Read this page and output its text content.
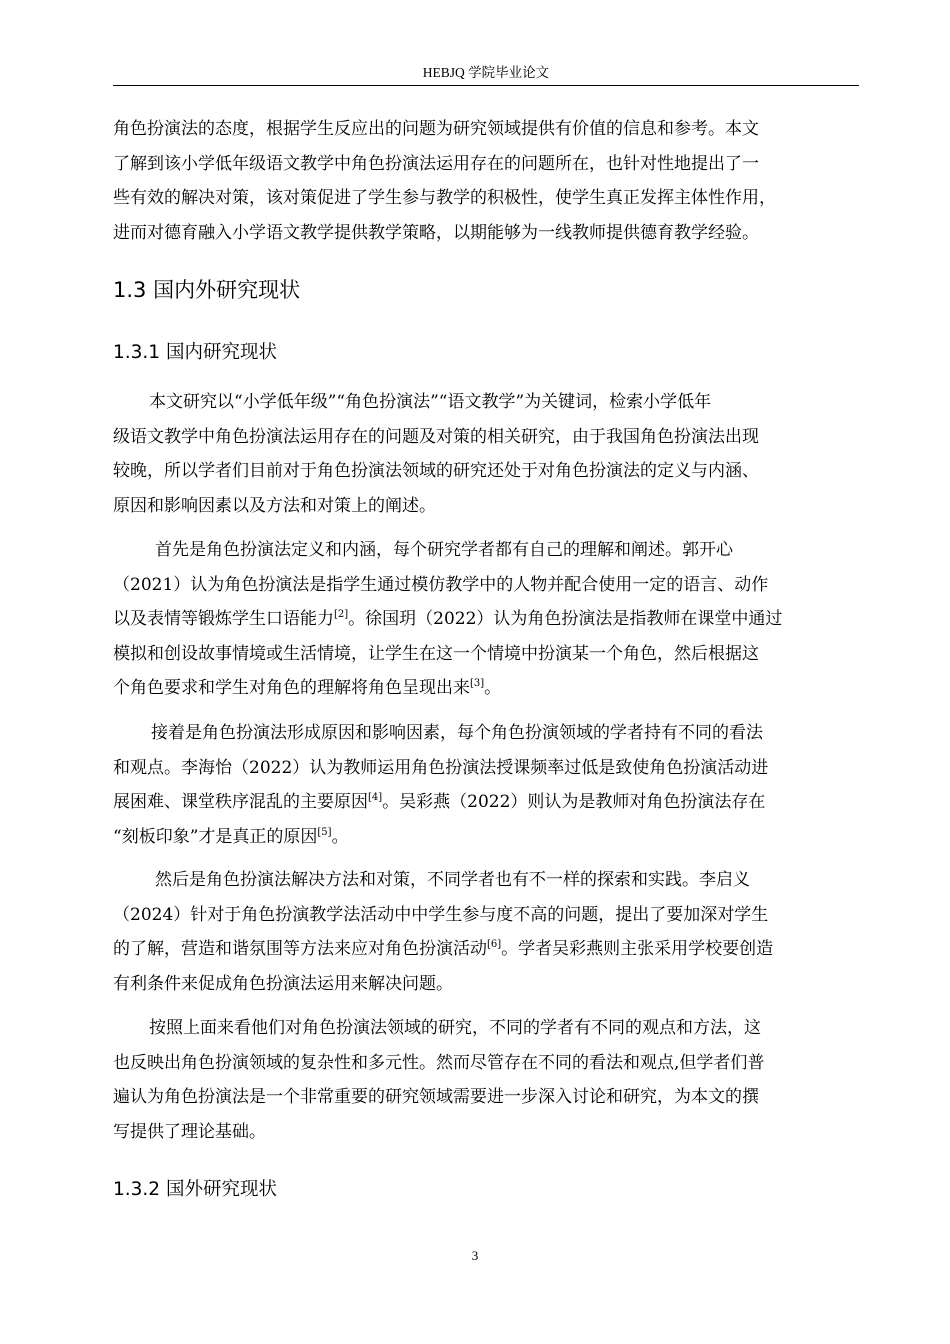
HEBJQ 学院毕业论文
角色扮演法的态度，根据学生反应出的问题为研究领域提供有价值的信息和参考。本文
了解到该小学低年级语文教学中角色扮演法运用存在的问题所在，也针对性地提出了一
些有效的解决对策，该对策促进了学生参与教学的积极性，使学生真正发挥主体性作用，
进而对德育融入小学语文教学提供教学策略，以期能够为一线教师提供德育教学经验。
1.3 国内外研究现状
1.3.1 国内研究现状
本文研究以“小学低年级”“角色扮演法”“语文教学”为关键词，检索小学低年
级语文教学中角色扮演法运用存在的问题及对策的相关研究，由于我国角色扮演法出现
较晚，所以学者们目前对于角色扮演法领域的研究还处于对角色扮演法的定义与内涵、
原因和影响因素以及方法和对策上的阐述。
首先是角色扮演法定义和内涵，每个研究学者都有自己的理解和阐述。郭开心
（2021）认为角色扮演法是指学生通过模仿教学中的人物并配合使用一定的语言、动作
以及表情等锻炼学生口语能力[2]。徐国玥（2022）认为角色扮演法是指教师在课堂中通过
模拟和创设故事情境或生活情境，让学生在这一个情境中扮演某一个角色，然后根据这
个角色要求和学生对角色的理解将角色呈现出来[3]。
接着是角色扮演法形成原因和影响因素，每个角色扮演领域的学者持有不同的看法
和观点。李海怡（2022）认为教师运用角色扮演法授课频率过低是致使角色扮演活动进
展困难、课堂秩序混乱的主要原因[4]。吴彩燕（2022）则认为是教师对角色扮演法存在
“刻板印象”才是真正的原因[5]。
然后是角色扮演法解决方法和对策，不同学者也有不一样的探索和实践。李启义
（2024）针对于角色扮演教学法活动中中学生参与度不高的问题，提出了要加深对学生
的了解，营造和谐氛围等方法来应对角色扮演活动[6]。学者吴彩燕则主张采用学校要创造
有利条件来促成角色扮演法运用来解决问题。
按照上面来看他们对角色扮演法领域的研究，不同的学者有不同的观点和方法，这
也反映出角色扮演领域的复杂性和多元性。然而尽管存在不同的看法和观点,但学者们普
遍认为角色扮演法是一个非常重要的研究领域需要进一步深入讨论和研究，为本文的撰
写提供了理论基础。
1.3.2 国外研究现状
3
